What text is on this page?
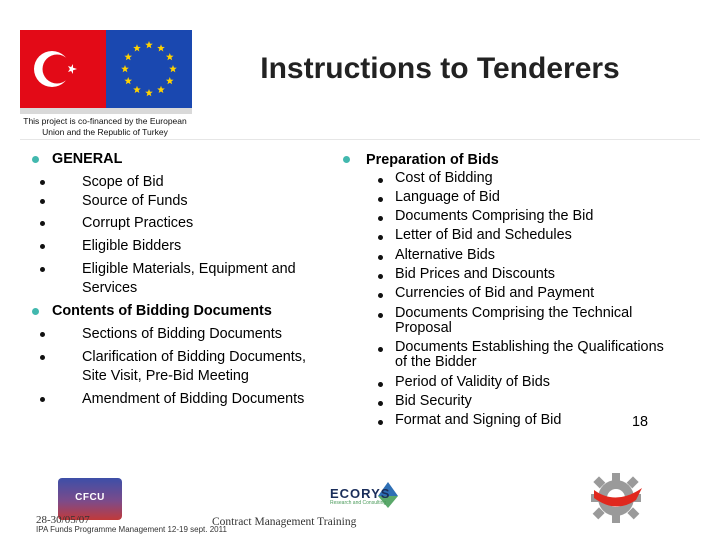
Instructions to Tenderers
This project is co-financed by the European
Union and the Republic of Turkey
GENERAL
Scope of Bid
Source of Funds
Corrupt Practices
Eligible Bidders
Eligible Materials, Equipment and
Services
Contents of Bidding Documents
Sections of Bidding Documents
Clarification of Bidding Documents,
Site Visit, Pre-Bid Meeting
Amendment of Bidding Documents
Preparation of Bids
Cost of Bidding
Language of Bid
Documents Comprising the Bid
Letter of Bid and Schedules
Alternative Bids
Bid Prices and Discounts
Currencies of Bid and Payment
Documents Comprising the Technical
Proposal
Documents Establishing the Qualifications
of the Bidder
Period of Validity of Bids
Bid Security
Format and Signing of Bid	18
CFCU
28-30/05/07
IPA Funds Programme Management 12-19 sept. 2011
Contract Management Training
ECORYS
Research and Consulting
